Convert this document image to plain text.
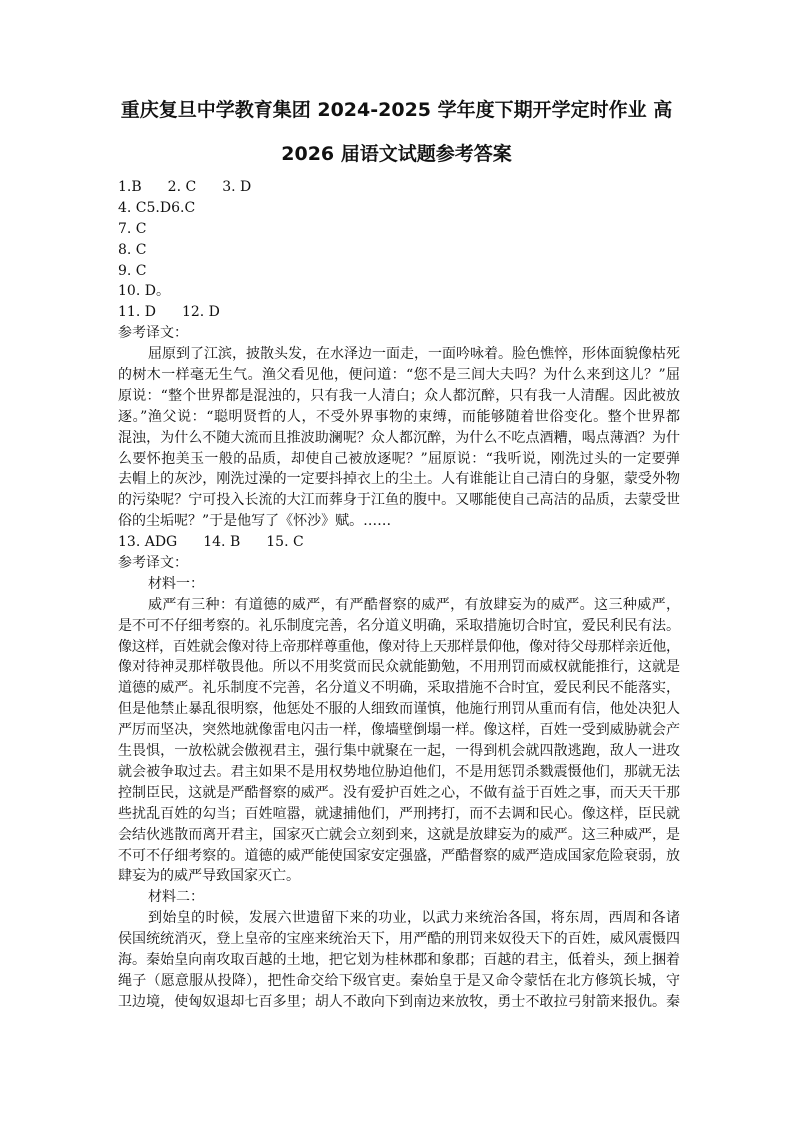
重庆复旦中学教育集团 2024-2025 学年度下期开学定时作业 高
2026 届语文试题参考答案
1.B 2. C 3. D
4. C5.D6.C
7. C
8. C
9. C
10. D。
11. D 12. D
参考译文：
屈原到了江滨，披散头发，在水泽边一面走，一面吟咏着。脸色憔悴，形体面貌像枯死
的树木一样毫无生气。渔父看见他，便问道：“您不是三闾大夫吗？为什么来到这儿？”屈
原说：“整个世界都是混浊的，只有我一人清白；众人都沉醉，只有我一人清醒。因此被放
逐。”渔父说：“聪明贤哲的人，不受外界事物的束缚，而能够随着世俗变化。整个世界都
混浊，为什么不随大流而且推波助澜呢？众人都沉醉，为什么不吃点酒糟，喝点薄酒？为什
么要怀抱美玉一般的品质，却使自己被放逐呢？”屈原说：“我听说，刚洗过头的一定要弹
去帽上的灰沙，刚洗过澡的一定要抖掉衣上的尘土。人有谁能让自己清白的身躯，蒙受外物
的污染呢？宁可投入长流的大江而葬身于江鱼的腹中。又哪能使自己高洁的品质，去蒙受世
俗的尘垢呢？”于是他写了《怀沙》赋。……
13. ADG 14. B 15. C
参考译文：
材料一：
威严有三种：有道德的威严，有严酷督察的威严，有放肆妄为的威严。这三种威严，
是不可不仔细考察的。礼乐制度完善，名分道义明确，采取措施切合时宜，爱民利民有法。
像这样，百姓就会像对待上帝那样尊重他，像对待上天那样景仰他，像对待父母那样亲近他，
像对待神灵那样敬畏他。所以不用奖赏而民众就能勤勉，不用刑罚而威权就能推行，这就是
道德的威严。礼乐制度不完善，名分道义不明确，采取措施不合时宜，爱民利民不能落实，
但是他禁止暴乱很明察，他惩处不服的人细致而谨慎，他施行刑罚从重而有信，他处决犯人
严厉而坚决，突然地就像雷电闪击一样，像墙壁倒塌一样。像这样，百姓一受到威胁就会产
生畏惧，一放松就会傲视君主，强行集中就聚在一起，一得到机会就四散逃跑，敌人一进攻
就会被争取过去。君主如果不是用权势地位胁迫他们，不是用惩罚杀戮震慑他们，那就无法
控制臣民，这就是严酷督察的威严。没有爱护百姓之心，不做有益于百姓之事，而天天干那
些扰乱百姓的勾当；百姓喧嚣，就逮捕他们，严刑拷打，而不去调和民心。像这样，臣民就
会结伙逃散而离开君主，国家灭亡就会立刻到来，这就是放肆妄为的威严。这三种威严，是
不可不仔细考察的。道德的威严能使国家安定强盛，严酷督察的威严造成国家危险衰弱，放
肆妄为的威严导致国家灭亡。
材料二：
到始皇的时候，发展六世遗留下来的功业，以武力来统治各国，将东周，西周和各诸
侯国统统消灭，登上皇帝的宝座来统治天下，用严酷的刑罚来奴役天下的百姓，威风震慑四
海。秦始皇向南攻取百越的土地，把它划为桂林郡和象郡；百越的君主，低着头，颈上捆着
绳子（愿意服从投降），把性命交给下级官吏。秦始皇于是又命令蒙恬在北方修筑长城，守
卫边境，使匈奴退却七百多里；胡人不敢向下到南边来放牧，勇士不敢拉弓射箭来报仇。秦
